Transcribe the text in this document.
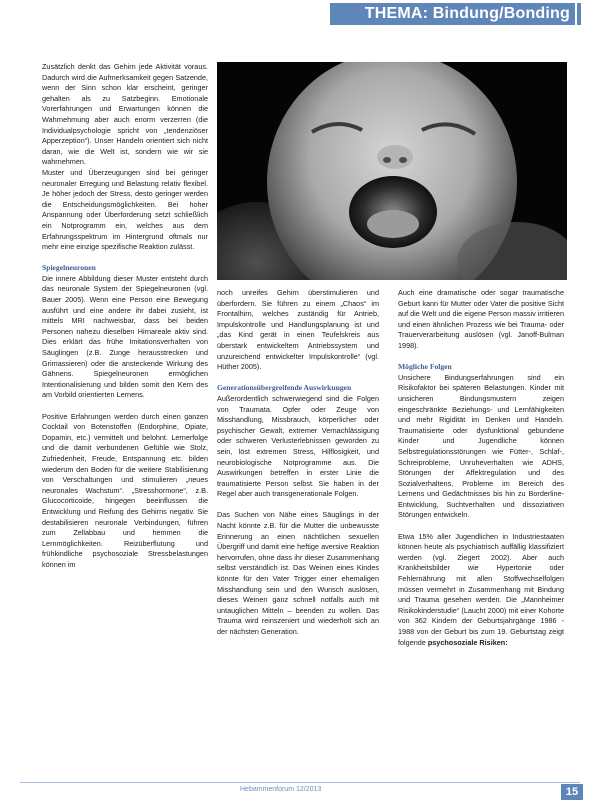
THEMA: Bindung/Bonding

Zusätzlich denkt das Gehirn jede Aktivität voraus. Dadurch wird die Aufmerksamkeit gegen Satzende, wenn der Sinn schon klar erscheint, geringer gehalten als zu Satzbeginn. Emotionale Vorerfahrungen und Erwartungen können die Wahrnehmung aber auch enorm verzerren (die Individualpsychologie spricht von „tendenziöser Apperzeption“). Unser Handeln orientiert sich nicht daran, wie die Welt ist, sondern wie wir sie wahrnehmen.

Muster und Überzeugungen sind bei geringer neuronaler Erregung und Belastung relativ flexibel. Je höher jedoch der Stress, desto geringer werden die Entscheidungsmöglichkeiten. Bei hoher Anspannung oder Überforderung setzt schließlich ein Notprogramm ein, welches aus dem Erfahrungsspektrum im Hintergrund oftmals nur mehr eine einzige spezifische Reaktion zulässt.

Spiegelneuronen

Die innere Abbildung dieser Muster entsteht durch das neuronale System der Spiegelneuronen (vgl. Bauer 2005). Wenn eine Person eine Bewegung ausführt und eine andere ihr dabei zusieht, ist mittels MRI nachweisbar, dass bei beiden Personen nahezu dieselben Hirnareale aktiv sind. Dies erklärt das frühe Imitationsverhalten von Säuglingen (z.B. Zunge herausstrecken und Grimassieren) oder die ansteckende Wirkung des Gähnens. Spiegelneuronen ermöglichen Intentionalisierung und bilden somit den Kern des am Vorbild orientierten Lernens.

Positive Erfahrungen werden durch einen ganzen Cocktail von Botenstoffen (Endorphine, Opiate, Dopamin, etc.) vermittelt und belohnt. Lernerfolge und die damit verbundenen Gefühle wie Stolz, Zufriedenheit, Freude, Entspannung etc. bilden wiederum den Boden für die weitere Stabilisierung von Verschaltungen und stimulieren „neues neuronales Wachstum“. „Stresshormone“, z.B. Glucocorticoide, hingegen beeinflussen die Entwicklung und Reifung des Gehirns negativ. Sie destabilisieren neuronale Verbindungen, führen zum Zellabbau und hemmen die Lernmöglichkeiten. Reizüberflutung und frühkindliche psychosoziale Stressbelastungen können im

noch unreifes Gehirn überstimulieren und überfordern. Sie führen zu einem „Chaos“ im Frontalhirn, welches zuständig für Antrieb, Impulskontrolle und Handlungsplanung ist und „das Kind gerät in einen Teufelskreis aus überstark entwickeltem Antriebssystem und unzureichend entwickelter Impulskontrolle“ (vgl. Hüther 2005).

Generationsübergreifende Auswirkungen

Außerordentlich schwerwiegend sind die Folgen von Traumata. Opfer oder Zeuge von Misshandlung, Missbrauch, körperlicher oder psychischer Gewalt, extremer Vernachlässigung oder schweren Verlusterlebnissen geworden zu sein, löst extremen Stress, Hilflosigkeit, und neurobiologische Notprogramme aus. Die Auswirkungen betreffen in erster Linie die traumatisierte Person selbst. Sie haben in der Regel aber auch transgenerationale Folgen.

Das Suchen von Nähe eines Säuglings in der Nacht könnte z.B. für die Mutter die unbewusste Erinnerung an einen nächtlichen sexuellen Übergriff und damit eine heftige aversive Reaktion hervorrufen, ohne dass ihr dieser Zusammenhang selbst verständlich ist. Das Weinen eines Kindes könnte für den Vater Trigger einer ehemaligen Misshandlung sein und den Wunsch auslösen, dieses Weinen ganz schnell notfalls auch mit untauglichen Mitteln – beenden zu wollen. Das Trauma wird reinszeniert und wiederholt sich an der nächsten Generation.

Auch eine dramatische oder sogar traumatische Geburt kann für Mutter oder Vater die positive Sicht auf die Welt und die eigene Person massiv irritieren und einen ähnlichen Prozess wie bei Trauma- oder Trauerverarbeitung auslösen (vgl. Janoff-Bulman 1998).

Mögliche Folgen

Unsichere Bindungserfahrungen sind ein Risikofaktor bei späteren Belastungen. Kinder mit unsicheren Bindungsmustern zeigen eingeschränkte Beziehungs- und Lernfähigkeiten und mehr Rigidität im Denken und Handeln. Traumatisierte oder dysfunktional gebundene Kinder und Jugendliche können Selbstregulationsstörungen wie Fütter-, Schlaf-, Schreiprobleme, Unruheverhalten wie ADHS, Störungen der Affektregulation und des Sozialverhaltens, Probleme im Bereich des Lernens und Gedächtnisses bis hin zu Borderline-Entwicklung, Suchtverhalten und dissoziativen Störungen entwickeln.

Etwa 15% aller Jugendlichen in Industriestaaten können heute als psychiatrisch auffällig klassifiziert werden (vgl. Ziegert 2002). Aber auch Krankheitsbilder wie Hypertonie oder Fehlernährung mit allen Stoffwechselfolgen müssen vermehrt in Zusammenhang mit Bindung und Trauma gesehen werden. Die „Mannheimer Risikokinderstudie“ (Laucht 2000) mit einer Kohorte von 362 Kindern der Geburtsjahrgänge 1986 - 1988 von der Geburt bis zum 19. Geburtstag zeigt folgende psychosoziale Risiken:

Hebammenforum 12/2013	15
